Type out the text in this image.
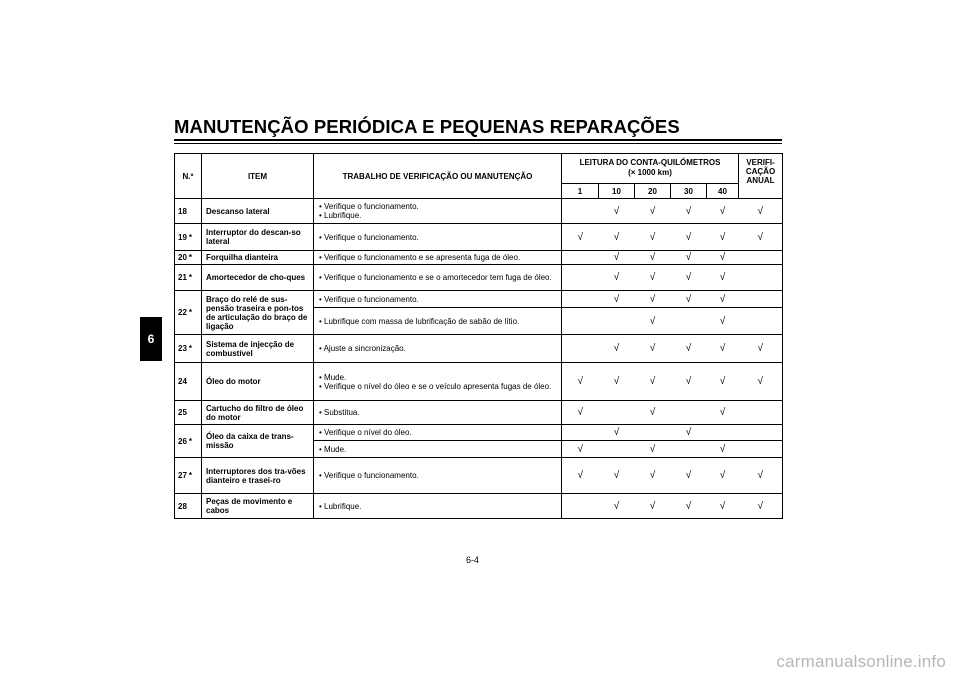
MANUTENÇÃO PERIÓDICA E PEQUENAS REPARAÇÕES
6
N.º	ITEM	TRABALHO DE VERIFICAÇÃO OU MANUTENÇÃO	LEITURA DO CONTA-QUILÓMETROS
(× 1000 km)					VERIFI-CAÇÃO ANUAL
			1	10	20	30	40	
18	Descanso lateral	• Verifique o funcionamento.
• Lubrifique.		√	√	√	√	√
19 *	Interruptor do descan-so lateral	• Verifique o funcionamento.	√	√	√	√	√	√
20 *	Forquilha dianteira	• Verifique o funcionamento e se apresenta fuga de óleo.		√	√	√	√	
21 *	Amortecedor de cho-ques	• Verifique o funcionamento e se o amortecedor tem fuga de óleo.		√	√	√	√	
22 *	Braço do relé de sus-pensão traseira e pon-tos de articulação do braço de ligação	• Verifique o funcionamento.		√	√	√	√	

		• Lubrifique com massa de lubrificação de sabão de lítio.			√		√	
23 *	Sistema de injecção de combustível	• Ajuste a sincronização.		√	√	√	√	√
24	Óleo do motor	• Mude.
• Verifique o nível do óleo e se o veículo apresenta fugas de óleo.	√	√	√	√	√	√
25	Cartucho do filtro de óleo do motor	• Substitua.	√		√		√	
26 *	Óleo da caixa de trans-missão	• Verifique o nível do óleo.		√		√		

		• Mude.	√		√		√	
27 *	Interruptores dos tra-vões dianteiro e trasei-ro	• Verifique o funcionamento.	√	√	√	√	√	√
28	Peças de movimento e cabos	• Lubrifique.		√	√	√	√	√
6-4
carmanualsonline.info
